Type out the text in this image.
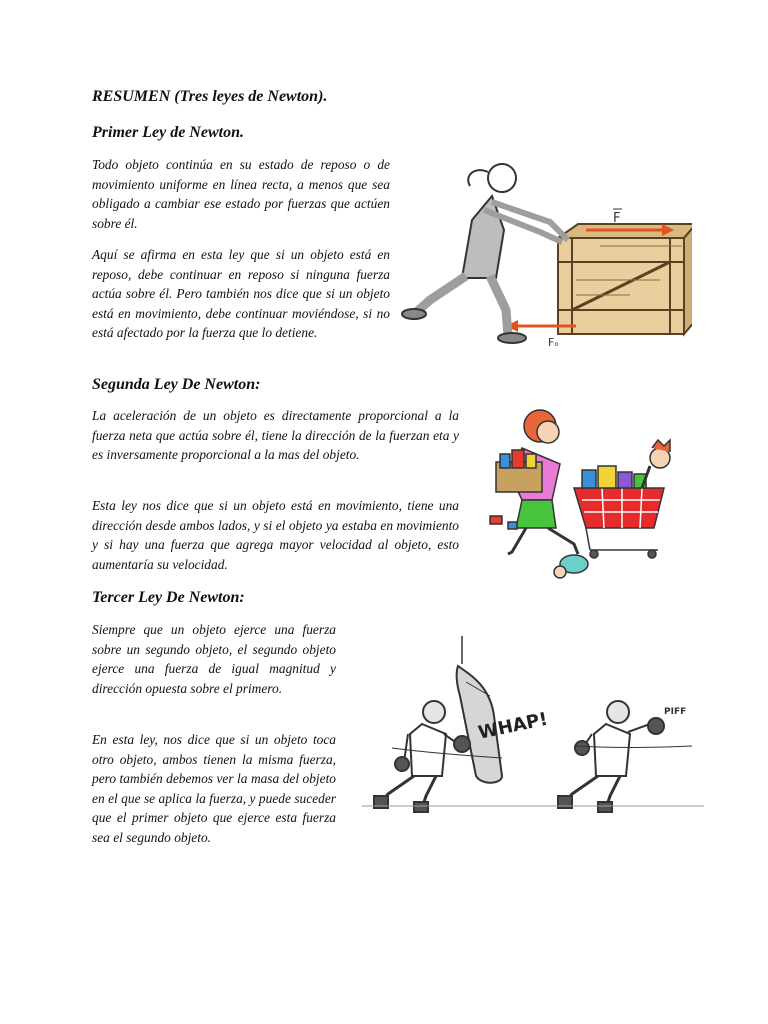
RESUMEN (Tres leyes de Newton).
Primer Ley de Newton.

Todo objeto continúa en su estado de reposo o de movimiento uniforme en línea recta, a menos que sea obligado a cambiar ese estado por fuerzas que actúen sobre él.

Aquí se afirma en esta ley que si un objeto está en reposo, debe continuar en reposo si ninguna fuerza actúa sobre él. Pero también nos dice que si un objeto está en movimiento, debe continuar moviéndose, si no está afectado por la fuerza que lo detiene.

F
Fₒ
Segunda Ley De Newton:

La aceleración de un objeto es directamente proporcional a la fuerza neta que actúa sobre él, tiene la dirección de la fuerzan eta y es inversamente proporcional a la mas del objeto.

Esta ley nos dice que si un objeto está en movimiento, tiene una dirección desde ambos lados, y si el objeto ya estaba en movimiento y si hay una fuerza que agrega mayor velocidad al objeto, esto aumentaría su velocidad.

Tercer Ley De Newton:

Siempre que un objeto ejerce una fuerza sobre un segundo objeto, el segundo objeto ejerce una fuerza de igual magnitud y dirección opuesta sobre el primero.

En esta ley, nos dice que si un objeto toca otro objeto, ambos tienen la misma fuerza, pero también debemos ver la masa del objeto en el que se aplica la fuerza, y puede suceder que el primer objeto que ejerce esta fuerza sea el segundo objeto.

WHAP!	PIFF
